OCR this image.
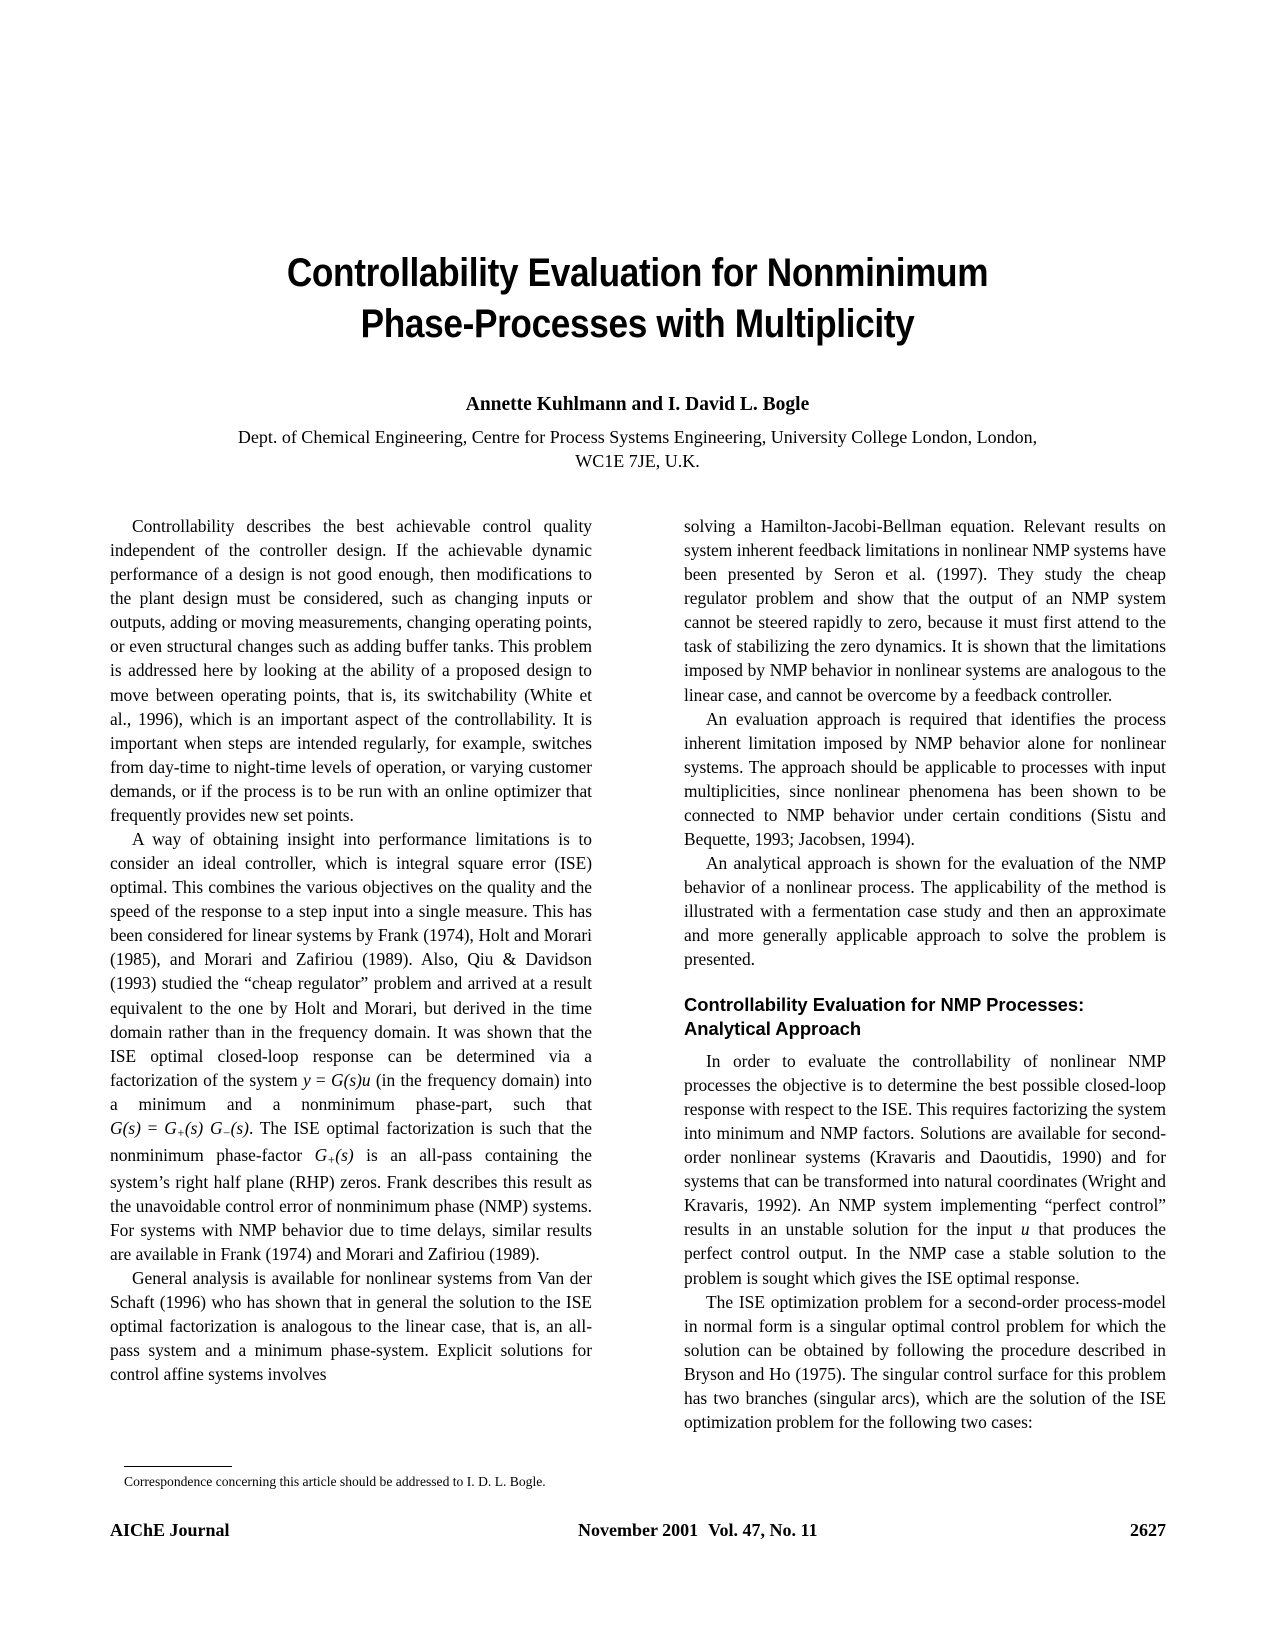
Controllability Evaluation for Nonminimum
Phase-Processes with Multiplicity
Annette Kuhlmann and I. David L. Bogle
Dept. of Chemical Engineering, Centre for Process Systems Engineering, University College London, London,
WC1E 7JE, U.K.

Controllability describes the best achievable control quality independent of the controller design. If the achievable dynamic performance of a design is not good enough, then modifications to the plant design must be considered, such as changing inputs or outputs, adding or moving measurements, changing operating points, or even structural changes such as adding buffer tanks. This problem is addressed here by looking at the ability of a proposed design to move between operating points, that is, its switchability (White et al., 1996), which is an important aspect of the controllability. It is important when steps are intended regularly, for example, switches from day-time to night-time levels of operation, or varying customer demands, or if the process is to be run with an online optimizer that frequently provides new set points.

A way of obtaining insight into performance limitations is to consider an ideal controller, which is integral square error (ISE) optimal. This combines the various objectives on the quality and the speed of the response to a step input into a single measure. This has been considered for linear systems by Frank (1974), Holt and Morari (1985), and Morari and Zafiriou (1989). Also, Qiu & Davidson (1993) studied the “cheap regulator” problem and arrived at a result equivalent to the one by Holt and Morari, but derived in the time domain rather than in the frequency domain. It was shown that the ISE optimal closed-loop response can be determined via a factorization of the system y = G(s)u (in the frequency domain) into a minimum and a nonminimum phase-part, such that $G(s) = G_+(s)$ $G_-(s)$. The ISE optimal factorization is such that the nonminimum phase-factor $G_+(s)$ is an all-pass containing the system’s right half plane (RHP) zeros. Frank describes this result as the unavoidable control error of nonminimum phase (NMP) systems. For systems with NMP behavior due to time delays, similar results are available in Frank (1974) and Morari and Zafiriou (1989).

General analysis is available for nonlinear systems from Van der Schaft (1996) who has shown that in general the solution to the ISE optimal factorization is analogous to the linear case, that is, an all-pass system and a minimum phase-system. Explicit solutions for control affine systems involves

solving a Hamilton-Jacobi-Bellman equation. Relevant results on system inherent feedback limitations in nonlinear NMP systems have been presented by Seron et al. (1997). They study the cheap regulator problem and show that the output of an NMP system cannot be steered rapidly to zero, because it must first attend to the task of stabilizing the zero dynamics. It is shown that the limitations imposed by NMP behavior in nonlinear systems are analogous to the linear case, and cannot be overcome by a feedback controller.

An evaluation approach is required that identifies the process inherent limitation imposed by NMP behavior alone for nonlinear systems. The approach should be applicable to processes with input multiplicities, since nonlinear phenomena has been shown to be connected to NMP behavior under certain conditions (Sistu and Bequette, 1993; Jacobsen, 1994).

An analytical approach is shown for the evaluation of the NMP behavior of a nonlinear process. The applicability of the method is illustrated with a fermentation case study and then an approximate and more generally applicable approach to solve the problem is presented.

Controllability Evaluation for NMP Processes:
Analytical Approach

In order to evaluate the controllability of nonlinear NMP processes the objective is to determine the best possible closed-loop response with respect to the ISE. This requires factorizing the system into minimum and NMP factors. Solutions are available for second-order nonlinear systems (Kravaris and Daoutidis, 1990) and for systems that can be transformed into natural coordinates (Wright and Kravaris, 1992). An NMP system implementing “perfect control” results in an unstable solution for the input u that produces the perfect control output. In the NMP case a stable solution to the problem is sought which gives the ISE optimal response.

The ISE optimization problem for a second-order process-model in normal form is a singular optimal control problem for which the solution can be obtained by following the procedure described in Bryson and Ho (1975). The singular control surface for this problem has two branches (singular arcs), which are the solution of the ISE optimization problem for the following two cases:

Correspondence concerning this article should be addressed to I. D. L. Bogle.
AIChE Journal	November 2001 Vol. 47, No. 11	2627
